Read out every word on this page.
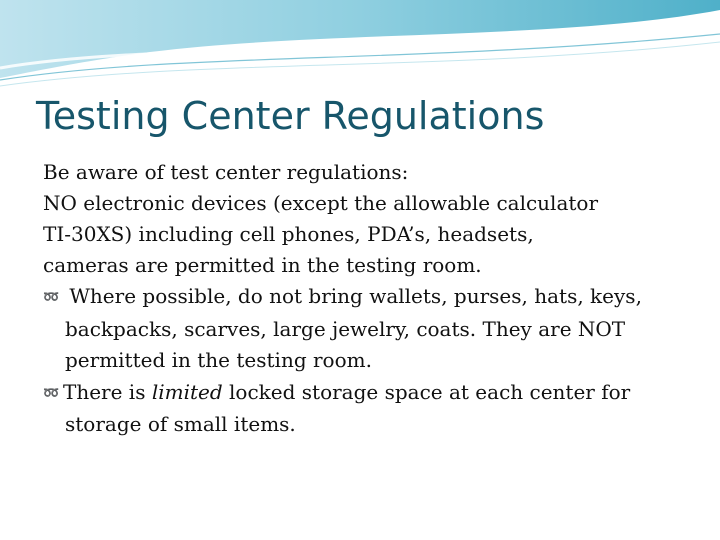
Testing Center Regulations
Be aware of test center regulations:
NO electronic devices (except the allowable calculator
TI-30XS) including cell phones, PDA’s, headsets,
cameras are permitted in the testing room.
➿ Where possible, do not bring wallets, purses, hats, keys, backpacks, scarves, large jewelry, coats. They are NOT permitted in the testing room.
➿ There is limited locked storage space at each center for storage of small items.
